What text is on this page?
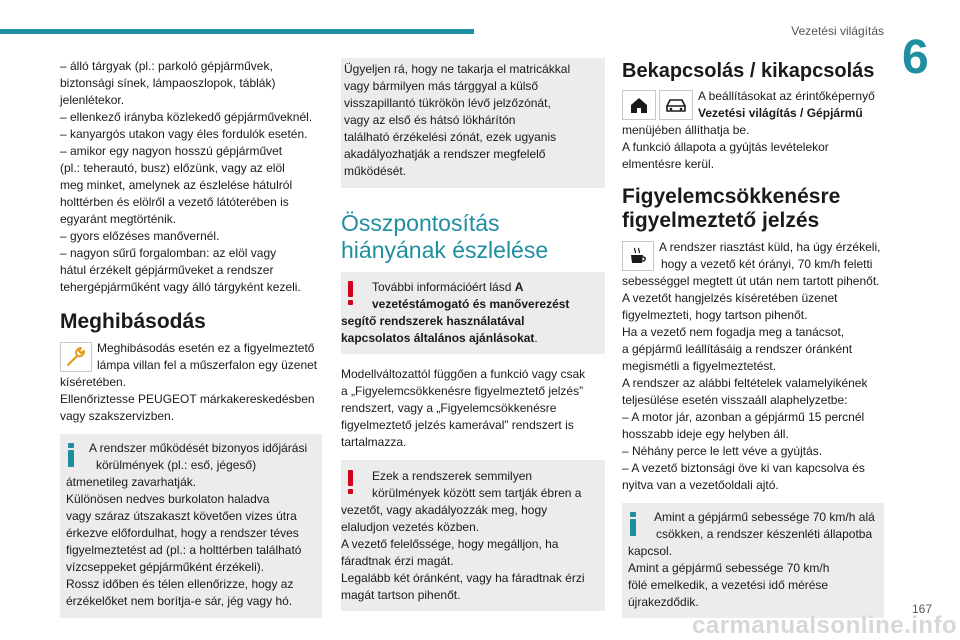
Vezetési világítás 6
– álló tárgyak (pl.: parkoló gépjárművek,
biztonsági sínek, lámpaoszlopok, táblák)
jelenlétekor.
– ellenkező irányba közlekedő gépjárműveknél.
– kanyargós utakon vagy éles fordulók esetén.
– amikor egy nagyon hosszú gépjárművet
(pl.: teherautó, busz) előzünk, vagy az elöl
meg minket, amelynek az észlelése hátulról
holttérben és elölről a vezető látóterében is
egyaránt megtörténik.
– gyors előzéses manővernél.
– nagyon sűrű forgalomban: az elöl vagy
hátul érzékelt gépjárműveket a rendszer
tehergépjárműként vagy álló tárgyként kezeli.
Meghibásodás
Meghibásodás esetén ez a figyelmeztető
lámpa villan fel a műszerfalon egy üzenet
kíséretében.
Ellenőriztesse PEUGEOT márkakereskedésben
vagy szakszervizben.
A rendszer működését bizonyos időjárási
körülmények (pl.: eső, jégeső)
átmenetileg zavarhatják.
Különösen nedves burkolaton haladva
vagy száraz útszakaszt követően vizes útra
érkezve előfordulhat, hogy a rendszer téves
figyelmeztetést ad (pl.: a holttérben található
vízcseppeket gépjárműként érzékeli).
Rossz időben és télen ellenőrizze, hogy az
érzékelőket nem borítja-e sár, jég vagy hó.
Ügyeljen rá, hogy ne takarja el matricákkal
vagy bármilyen más tárggyal a külső
visszapillantó tükrökön lévő jelzőzónát,
vagy az első és hátsó lökhárítón
található érzékelési zónát, ezek ugyanis
akadályozhatják a rendszer megfelelő
működését.
Összpontosítás
hiányának észlelése
További információért lásd A
vezetéstámogató és manőverezést
segítő rendszerek használatával
kapcsolatos általános ajánlásokat.
Modellváltozattól függően a funkció vagy csak
a „Figyelemcsökkenésre figyelmeztető jelzés”
rendszert, vagy a „Figyelemcsökkenésre
figyelmeztető jelzés kamerával” rendszert is
tartalmazza.
Ezek a rendszerek semmilyen
körülmények között sem tartják ébren a
vezetőt, vagy akadályozzák meg, hogy
elaludjon vezetés közben.
A vezető felelőssége, hogy megálljon, ha
fáradtnak érzi magát.
Legalább két óránként, vagy ha fáradtnak érzi
magát tartson pihenőt.
Bekapcsolás / kikapcsolás
A beállításokat az érintőképernyő
Vezetési világítás / Gépjármű
menüjében állíthatja be.
A funkció állapota a gyújtás levételekor
elmentésre kerül.
Figyelemcsökkenésre
figyelmeztető jelzés
A rendszer riasztást küld, ha úgy érzékeli,
hogy a vezető két órányi, 70 km/h feletti
sebességgel megtett út után nem tartott pihenőt.
A vezetőt hangjelzés kíséretében üzenet
figyelmezteti, hogy tartson pihenőt.
Ha a vezető nem fogadja meg a tanácsot,
a gépjármű leállításáig a rendszer óránként
megismétli a figyelmeztetést.
A rendszer az alábbi feltételek valamelyikének
teljesülése esetén visszaáll alaphelyzetbe:
– A motor jár, azonban a gépjármű 15 percnél
hosszabb ideje egy helyben áll.
– Néhány perce le lett véve a gyújtás.
– A vezető biztonsági öve ki van kapcsolva és
nyitva van a vezetőoldali ajtó.
Amint a gépjármű sebessége 70 km/h alá
csökken, a rendszer készenléti állapotba
kapcsol.
Amint a gépjármű sebessége 70 km/h
fölé emelkedik, a vezetési idő mérése
újrakezdődik.
carmanualsonline.info
167
